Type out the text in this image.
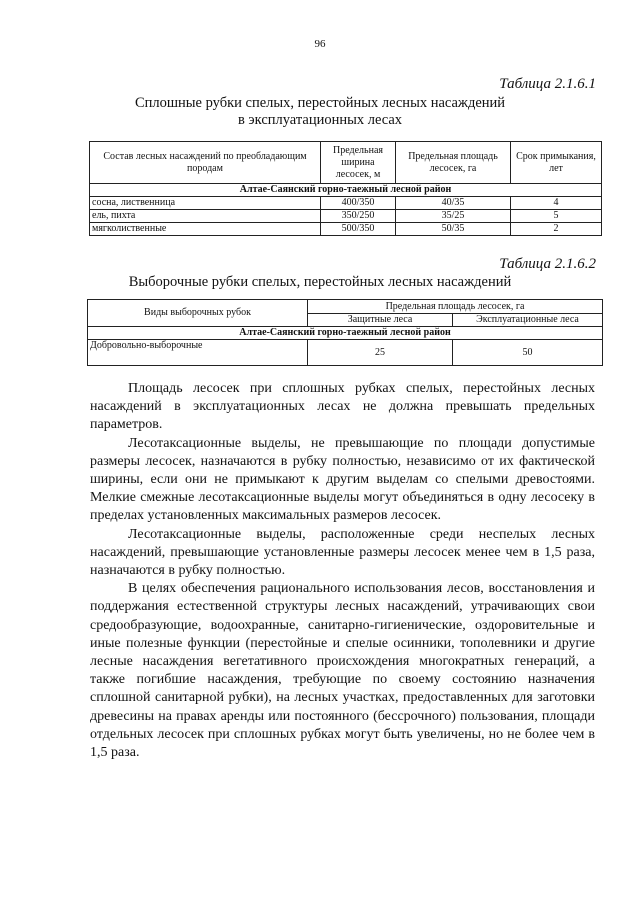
96
Таблица 2.1.6.1
Сплошные рубки спелых, перестойных лесных насаждений
в эксплуатационных лесах
Состав лесных насаждений по преобладающим породам	Предельная ширина лесосек, м	Предельная площадь лесосек, га	Срок примыкания, лет
Алтае-Саянский горно-таежный лесной район			
сосна, лиственница	400/350	40/35	4
ель, пихта	350/250	35/25	5
мягколиственные	500/350	50/35	2
Таблица 2.1.6.2
Выборочные рубки спелых, перестойных лесных насаждений
Виды выборочных рубок	Предельная площадь лесосек, га	
	Защитные леса	Эксплуатационные леса
Алтае-Саянский горно-таежный лесной район		
Добровольно-выборочные	25	50

Площадь лесосек при сплошных рубках спелых, перестойных лесных насаждений в эксплуатационных лесах не должна превышать предельных параметров.

Лесотаксационные выделы, не превышающие по площади допустимые размеры лесосек, назначаются в рубку полностью, независимо от их фактической ширины, если они не примыкают к другим выделам со спелыми древостоями. Мелкие смежные лесотаксационные выделы могут объединяться в одну лесосеку в пределах установленных максимальных размеров лесосек.

Лесотаксационные выделы, расположенные среди неспелых лесных насаждений, превышающие установленные размеры лесосек менее чем в 1,5 раза, назначаются в рубку полностью.

В целях обеспечения рационального использования лесов, восстановления и поддержания естественной структуры лесных насаждений, утрачивающих свои средообразующие, водоохранные, санитарно-гигиенические, оздоровительные и иные полезные функции (перестойные и спелые осинники, тополевники и другие лесные насаждения вегетативного происхождения многократных генераций, а также погибшие насаждения, требующие по своему состоянию назначения сплошной санитарной рубки), на лесных участках, предоставленных для заготовки древесины на правах аренды или постоянного (бессрочного) пользования, площади отдельных лесосек при сплошных рубках могут быть увеличены, но не более чем в 1,5 раза.
